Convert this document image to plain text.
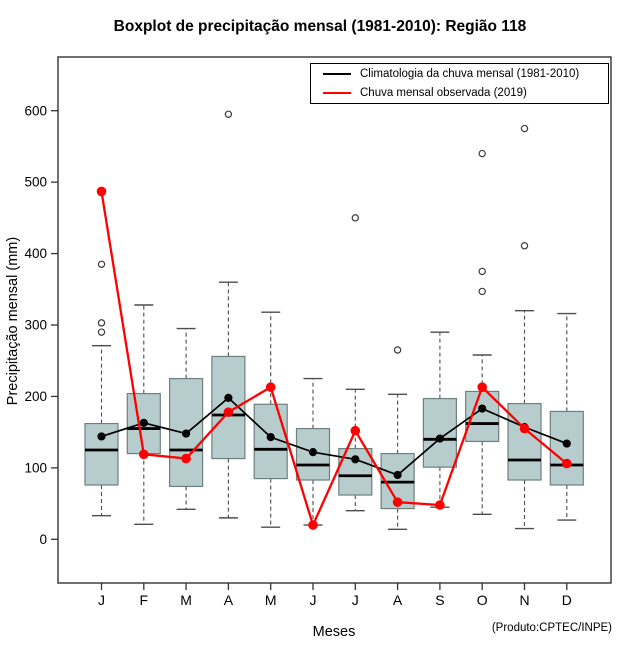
Boxplot de precipitação mensal (1981-2010): Região 118
0
100
200
300
400
500
600
J F M A M J	J A S O N D
Climatologia da chuva mensal (1981-2010)
Chuva mensal observada (2019)
Precipitação mensal (mm)
Meses	(Produto:CPTEC/INPE)
